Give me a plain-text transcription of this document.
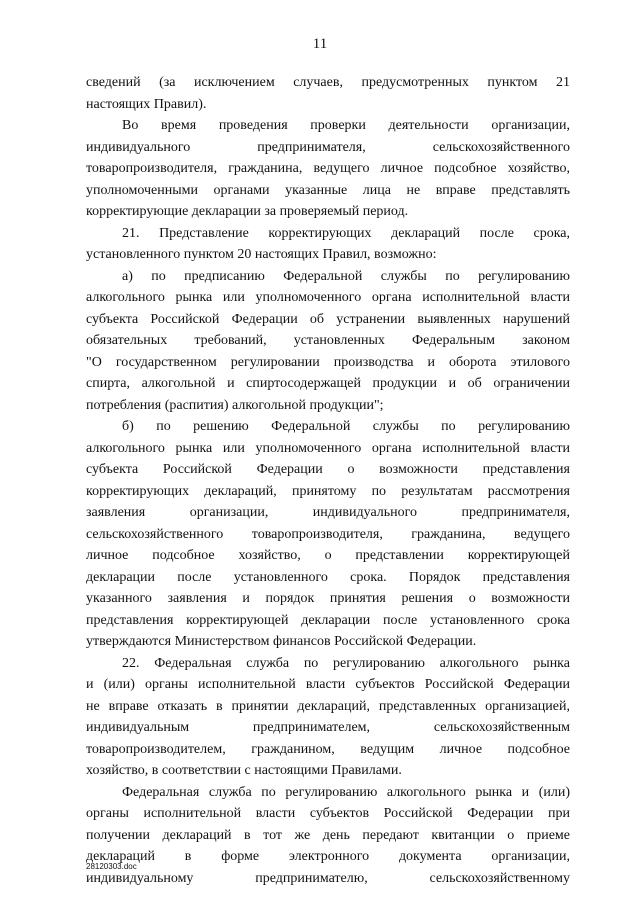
11
сведений (за исключением случаев, предусмотренных пунктом 21
настоящих Правил).
Во время проведения проверки деятельности организации,
индивидуального предпринимателя, сельскохозяйственного
товаропроизводителя, гражданина, ведущего личное подсобное хозяйство,
уполномоченными органами указанные лица не вправе представлять
корректирующие декларации за проверяемый период.
21. Представление корректирующих деклараций после срока,
установленного пунктом 20 настоящих Правил, возможно:
а) по предписанию Федеральной службы по регулированию
алкогольного рынка или уполномоченного органа исполнительной власти
субъекта Российской Федерации об устранении выявленных нарушений
обязательных требований, установленных Федеральным законом
"О государственном регулировании производства и оборота этилового
спирта, алкогольной и спиртосодержащей продукции и об ограничении
потребления (распития) алкогольной продукции";
б) по решению Федеральной службы по регулированию
алкогольного рынка или уполномоченного органа исполнительной власти
субъекта Российской Федерации о возможности представления
корректирующих деклараций, принятому по результатам рассмотрения
заявления организации, индивидуального предпринимателя,
сельскохозяйственного товаропроизводителя, гражданина, ведущего
личное подсобное хозяйство, о представлении корректирующей
декларации после установленного срока. Порядок представления
указанного заявления и порядок принятия решения о возможности
представления корректирующей декларации после установленного срока
утверждаются Министерством финансов Российской Федерации.
22. Федеральная служба по регулированию алкогольного рынка
и (или) органы исполнительной власти субъектов Российской Федерации
не вправе отказать в принятии деклараций, представленных организацией,
индивидуальным предпринимателем, сельскохозяйственным
товаропроизводителем, гражданином, ведущим личное подсобное
хозяйство, в соответствии с настоящими Правилами.
Федеральная служба по регулированию алкогольного рынка и (или)
органы исполнительной власти субъектов Российской Федерации при
получении деклараций в тот же день передают квитанции о приеме
деклараций в форме электронного документа организации,
индивидуальному предпринимателю, сельскохозяйственному
28120303.doc
